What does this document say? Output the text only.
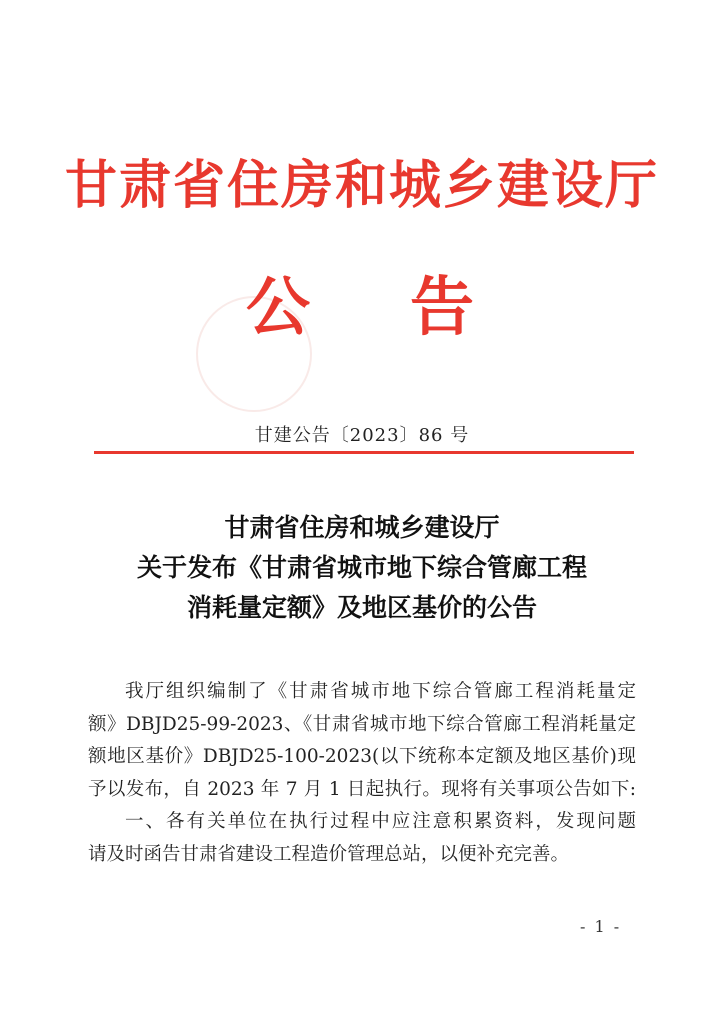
甘肃省住房和城乡建设厅
公 告
甘建公告〔2023〕86 号
甘肃省住房和城乡建设厅
关于发布《甘肃省城市地下综合管廊工程
消耗量定额》及地区基价的公告
我厅组织编制了《甘肃省城市地下综合管廊工程消耗量定
额》DBJD25-99-2023、《甘肃省城市地下综合管廊工程消耗量定
额地区基价》DBJD25-100-2023(以下统称本定额及地区基价)现
予以发布，自 2023 年 7 月 1 日起执行。现将有关事项公告如下:
一、各有关单位在执行过程中应注意积累资料，发现问题
请及时函告甘肃省建设工程造价管理总站，以便补充完善。
- 1 -
